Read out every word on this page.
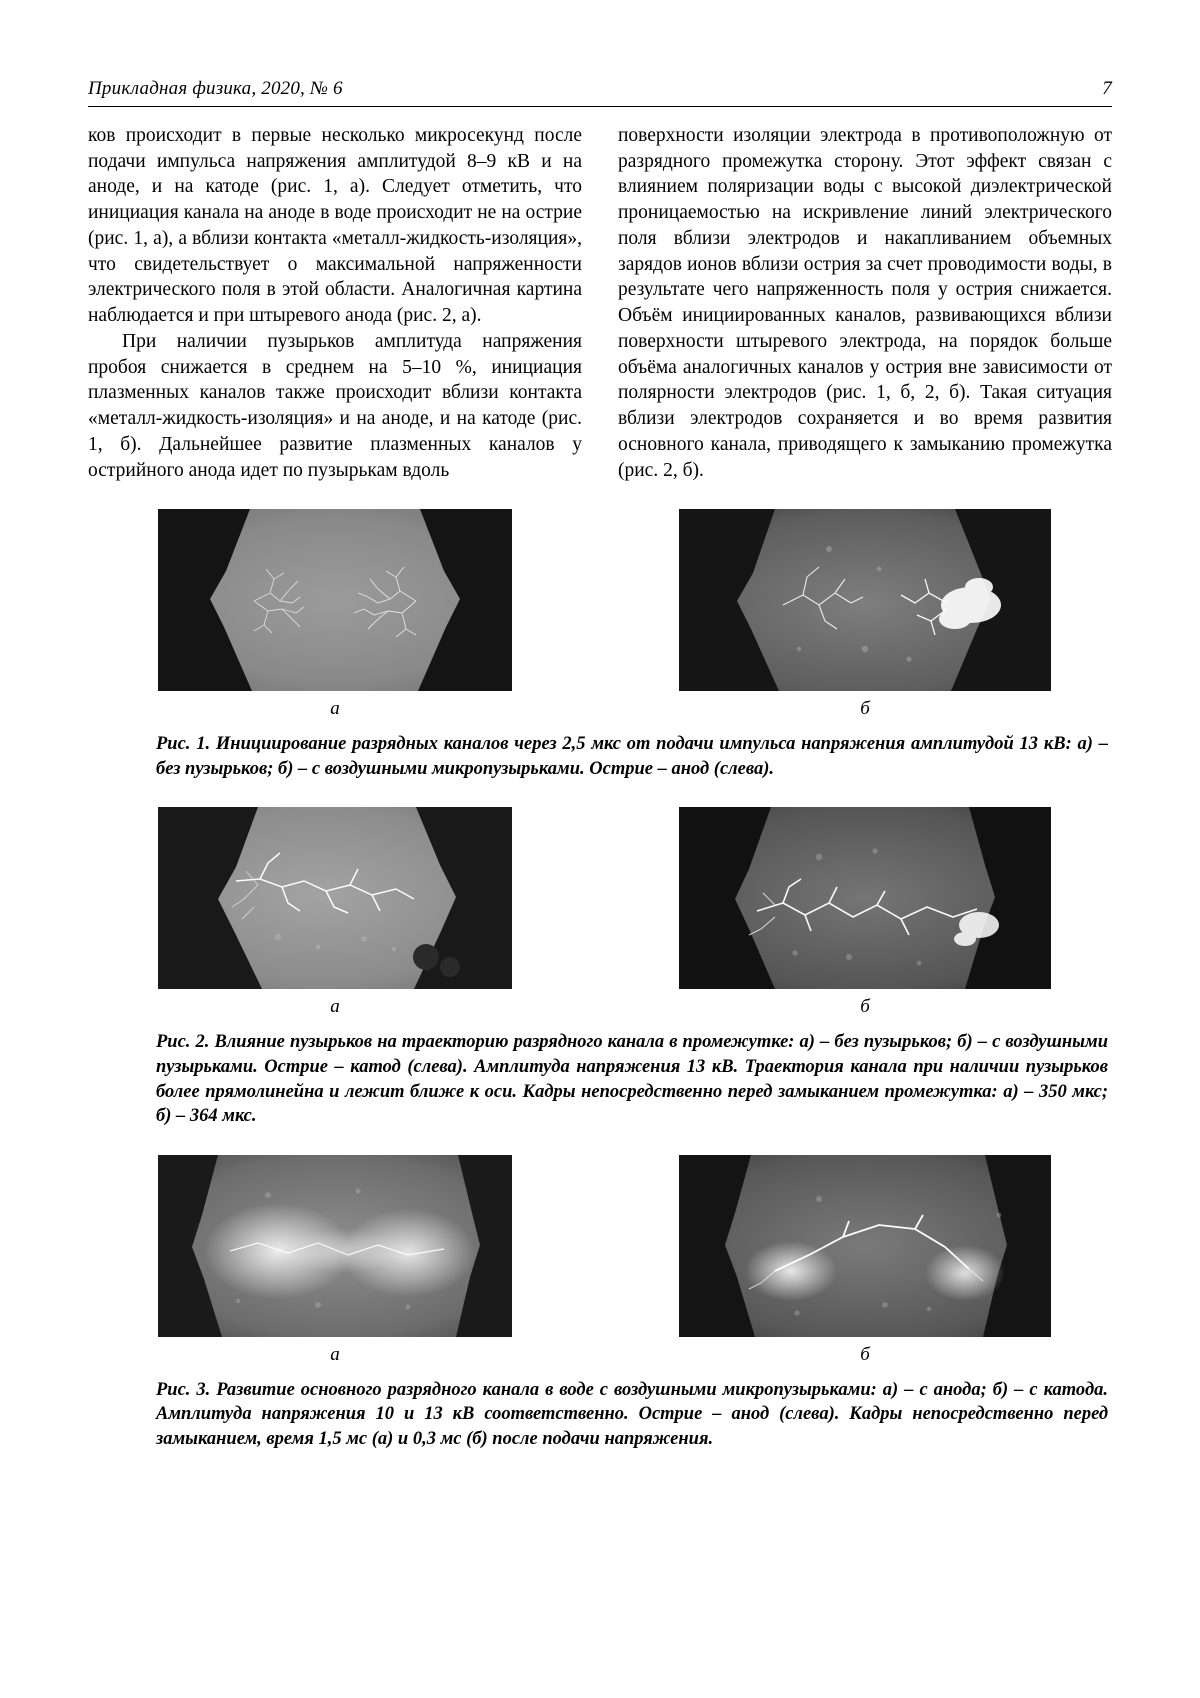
Прикладная физика, 2020, № 6	7

ков происходит в первые несколько микросекунд после подачи импульса напряжения амплитудой 8–9 кВ и на аноде, и на катоде (рис. 1, а). Следует отметить, что инициация канала на аноде в воде происходит не на острие (рис. 1, а), а вблизи контакта «металл-жидкость-изоляция», что свидетельствует о максимальной напряженности электрического поля в этой области. Аналогичная картина наблюдается и при штыревого анода (рис. 2, а).

При наличии пузырьков амплитуда напряжения пробоя снижается в среднем на 5–10 %, инициация плазменных каналов также происходит вблизи контакта «металл-жидкость-изоляция» и на аноде, и на катоде (рис. 1, б). Дальнейшее развитие плазменных каналов у острийного анода идет по пузырькам вдоль

поверхности изоляции электрода в противоположную от разрядного промежутка сторону. Этот эффект связан с влиянием поляризации воды с высокой диэлектрической проницаемостью на искривление линий электрического поля вблизи электродов и накапливанием объемных зарядов ионов вблизи острия за счет проводимости воды, в результате чего напряженность поля у острия снижается. Объём инициированных каналов, развивающихся вблизи поверхности штыревого электрода, на порядок больше объёма аналогичных каналов у острия вне зависимости от полярности электродов (рис. 1, б, 2, б). Такая ситуация вблизи электродов сохраняется и во время развития основного канала, приводящего к замыканию промежутка (рис. 2, б).

а	б

Рис. 1. Инициирование разрядных каналов через 2,5 мкс от подачи импульса напряжения амплитудой 13 кВ: а) – без пузырьков; б) – с воздушными микропузырьками. Остриe – анод (слева).

а	б

Рис. 2. Влияние пузырьков на траекторию разрядного канала в промежутке: а) – без пузырьков; б) – с воздушными пузырьками. Остриe – катод (слева). Амплитуда напряжения 13 кВ. Траектория канала при наличии пузырьков более прямолинейна и лежит ближе к оси. Кадры непосредственно перед замыканием промежутка: а) – 350 мкс; б) – 364 мкс.

а	б

Рис. 3. Развитие основного разрядного канала в воде с воздушными микропузырьками: а) – с анода; б) – с катода. Амплитуда напряжения 10 и 13 кВ соответственно. Остриe – анод (слева). Кадры непосредственно перед замыканием, время 1,5 мс (а) и 0,3 мс (б) после подачи напряжения.
